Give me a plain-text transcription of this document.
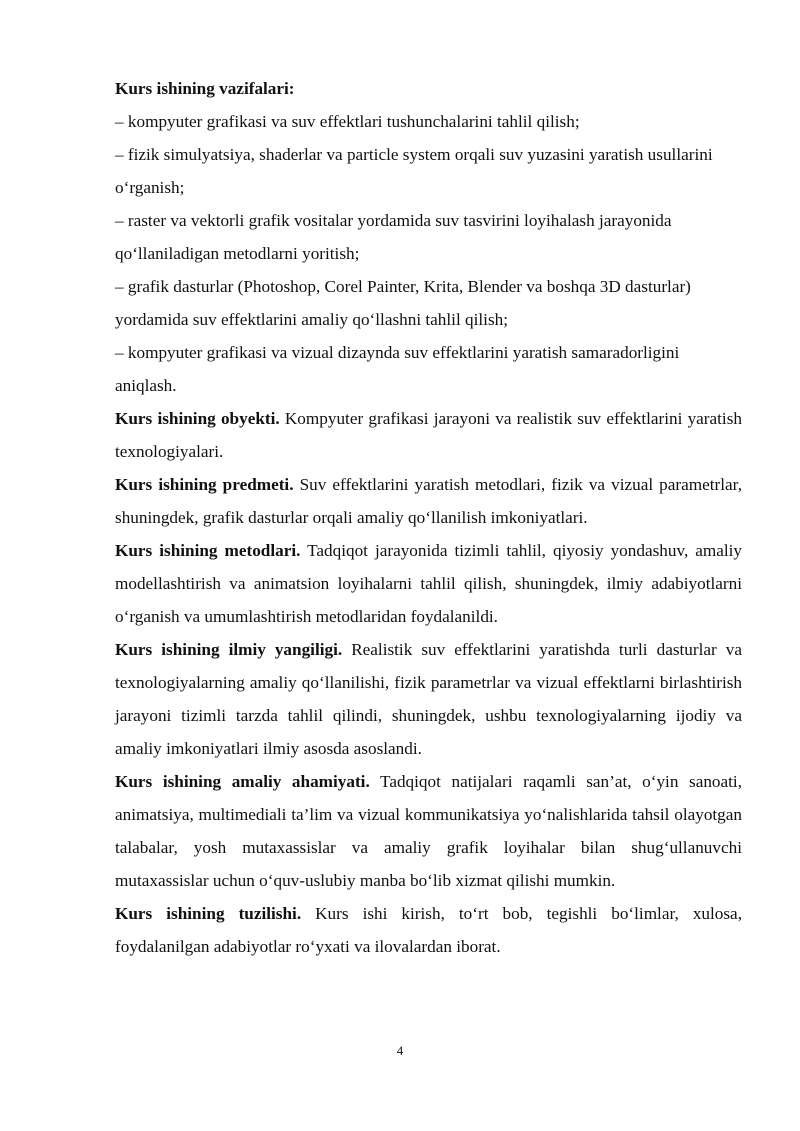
Kurs ishining vazifalari:

– kompyuter grafikasi va suv effektlari tushunchalarini tahlil qilish;

– fizik simulyatsiya, shaderlar va particle system orqali suv yuzasini yaratish usullarini o‘rganish;

– raster va vektorli grafik vositalar yordamida suv tasvirini loyihalash jarayonida qo‘llaniladigan metodlarni yoritish;

– grafik dasturlar (Photoshop, Corel Painter, Krita, Blender va boshqa 3D dasturlar) yordamida suv effektlarini amaliy qo‘llashni tahlil qilish;

– kompyuter grafikasi va vizual dizaynda suv effektlarini yaratish samaradorligini aniqlash.

Kurs ishining obyekti. Kompyuter grafikasi jarayoni va realistik suv effektlarini yaratish texnologiyalari.

Kurs ishining predmeti. Suv effektlarini yaratish metodlari, fizik va vizual parametrlar, shuningdek, grafik dasturlar orqali amaliy qo‘llanilish imkoniyatlari.

Kurs ishining metodlari. Tadqiqot jarayonida tizimli tahlil, qiyosiy yondashuv, amaliy modellashtirish va animatsion loyihalarni tahlil qilish, shuningdek, ilmiy adabiyotlarni o‘rganish va umumlashtirish metodlaridan foydalanildi.

Kurs ishining ilmiy yangiligi. Realistik suv effektlarini yaratishda turli dasturlar va texnologiyalarning amaliy qo‘llanilishi, fizik parametrlar va vizual effektlarni birlashtirish jarayoni tizimli tarzda tahlil qilindi, shuningdek, ushbu texnologiyalarning ijodiy va amaliy imkoniyatlari ilmiy asosda asoslandi.

Kurs ishining amaliy ahamiyati. Tadqiqot natijalari raqamli san’at, o‘yin sanoati, animatsiya, multimediali ta’lim va vizual kommunikatsiya yo‘nalishlarida tahsil olayotgan talabalar, yosh mutaxassislar va amaliy grafik loyihalar bilan shug‘ullanuvchi mutaxassislar uchun o‘quv-uslubiy manba bo‘lib xizmat qilishi mumkin.

Kurs ishining tuzilishi. Kurs ishi kirish, to‘rt bob, tegishli bo‘limlar, xulosa, foydalanilgan adabiyotlar ro‘yxati va ilovalardan iborat.

4
